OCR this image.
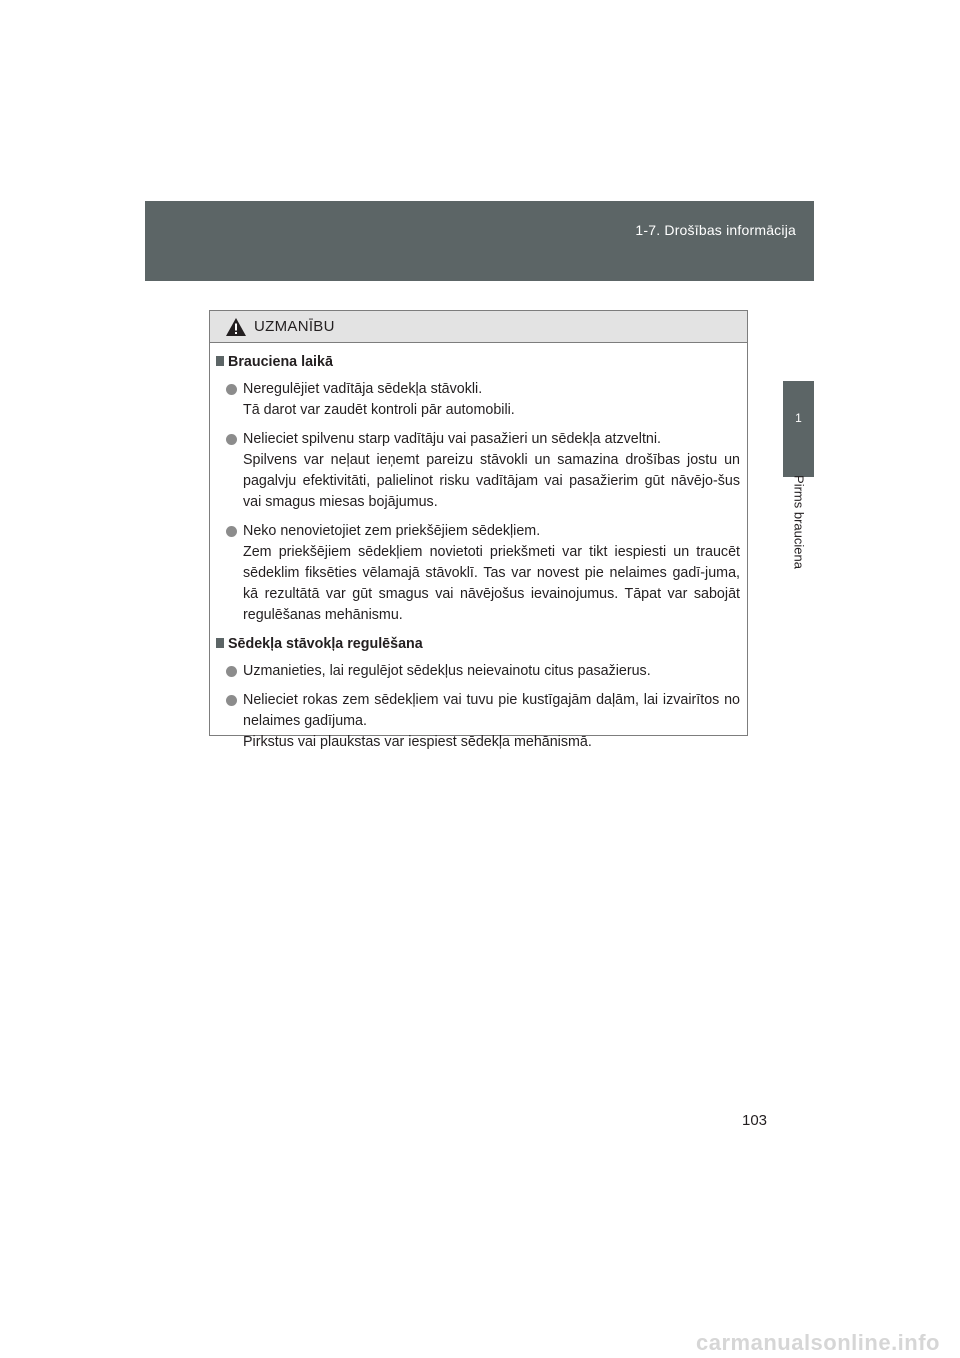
1-7. Drošības informācija
1
Pirms brauciena
UZMANĪBU
Brauciena laikā
Neregulējiet vadītāja sēdekļa stāvokli.
Tā darot var zaudēt kontroli pār automobili.
Nelieciet spilvenu starp vadītāju vai pasažieri un sēdekļa atzveltni.
Spilvens var neļaut ieņemt pareizu stāvokli un samazina drošības jostu un pagalvju efektivitāti, palielinot risku vadītājam vai pasažierim gūt nāvējo-šus vai smagus miesas bojājumus.
Neko nenovietojiet zem priekšējiem sēdekļiem.
Zem priekšējiem sēdekļiem novietoti priekšmeti var tikt iespiesti un traucēt sēdeklim fiksēties vēlamajā stāvoklī. Tas var novest pie nelaimes gadī-juma, kā rezultātā var gūt smagus vai nāvējošus ievainojumus. Tāpat var sabojāt regulēšanas mehānismu.
Sēdekļa stāvokļa regulēšana
Uzmanieties, lai regulējot sēdekļus neievainotu citus pasažierus.
Nelieciet rokas zem sēdekļiem vai tuvu pie kustīgajām daļām, lai izvairītos no nelaimes gadījuma.
Pirkstus vai plaukstas var iespiest sēdekļa mehānismā.
103
carmanualsonline.info
